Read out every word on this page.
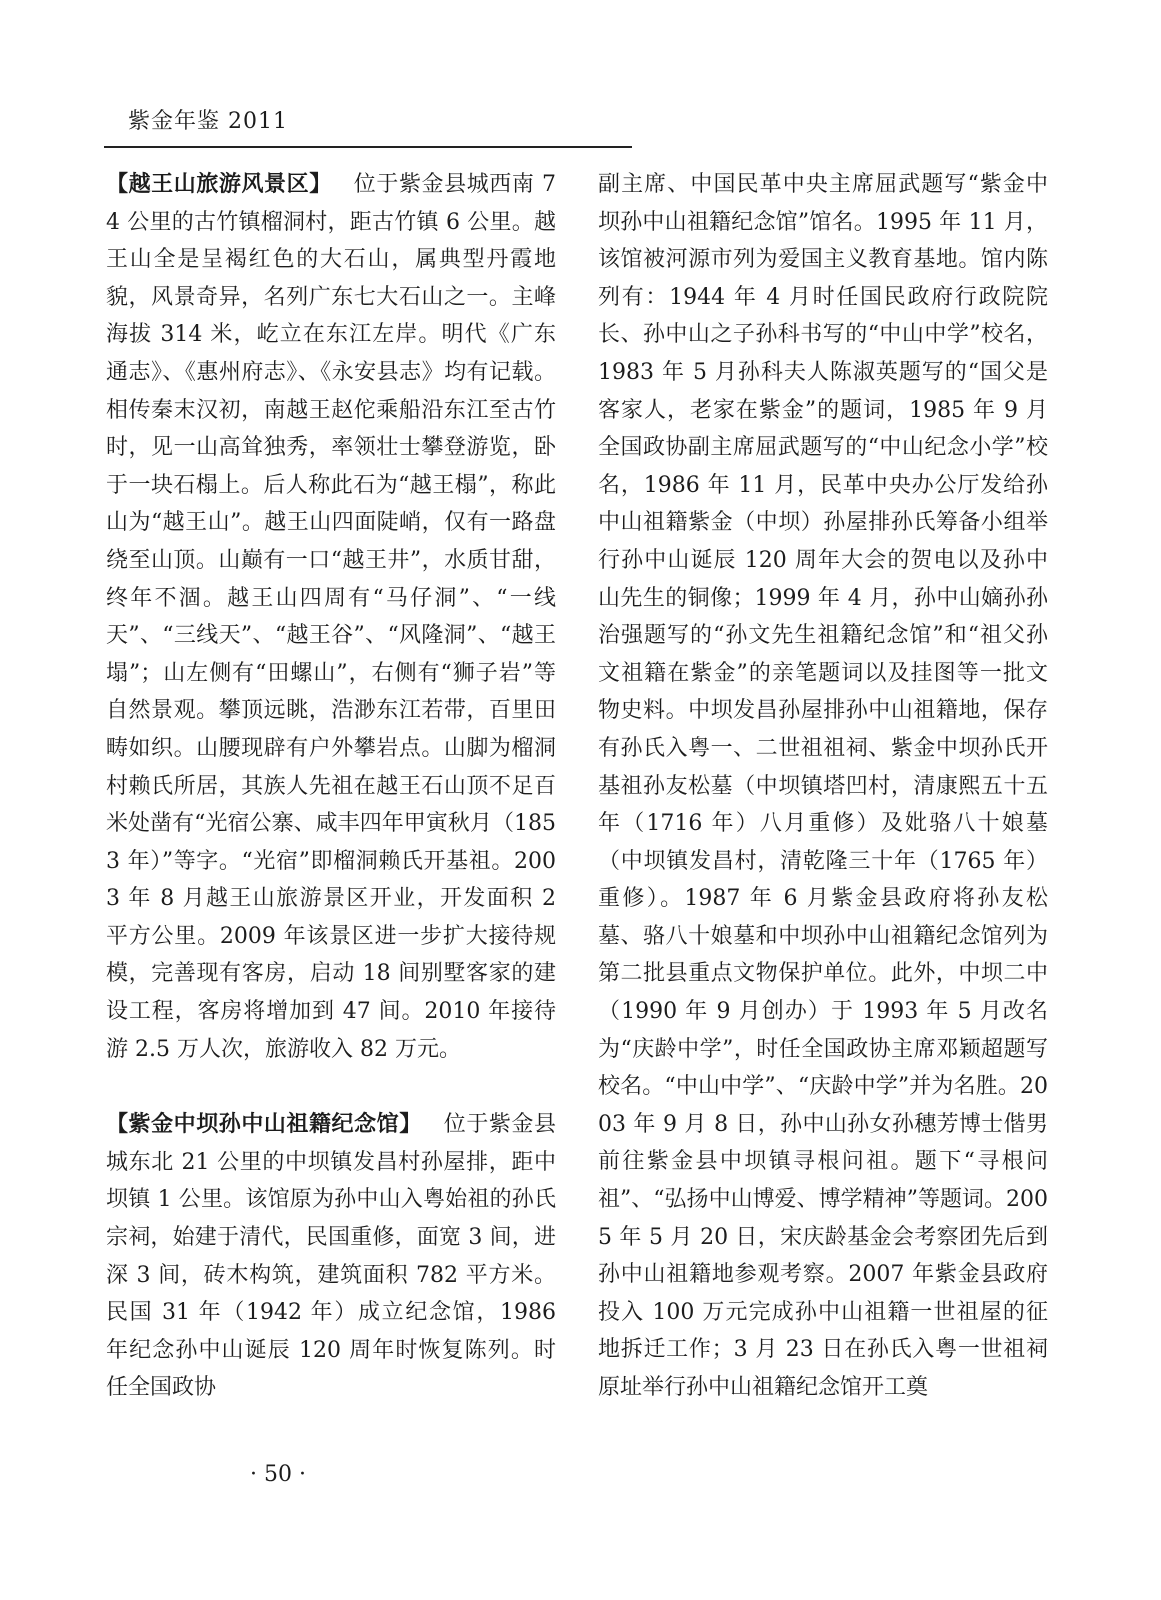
紫金年鉴 2011

【越王山旅游风景区】 位于紫金县城西南 74 公里的古竹镇榴洞村，距古竹镇 6 公里。越王山全是呈褐红色的大石山，属典型丹霞地貌，风景奇异，名列广东七大石山之一。主峰海拔 314 米，屹立在东江左岸。明代《广东通志》、《惠州府志》、《永安县志》均有记载。相传秦末汉初，南越王赵佗乘船沿东江至古竹时，见一山高耸独秀，率领壮士攀登游览，卧于一块石榻上。后人称此石为“越王榻”，称此山为“越王山”。越王山四面陡峭，仅有一路盘绕至山顶。山巅有一口“越王井”，水质甘甜，终年不涸。越王山四周有“马仔洞”、“一线天”、“三线天”、“越王谷”、“风隆洞”、“越王塌”；山左侧有“田螺山”，右侧有“狮子岩”等自然景观。攀顶远眺，浩渺东江若带，百里田畴如织。山腰现辟有户外攀岩点。山脚为榴洞村赖氏所居，其族人先祖在越王石山顶不足百米处凿有“光宿公寨、咸丰四年甲寅秋月（1853 年）”等字。“光宿”即榴洞赖氏开基祖。2003 年 8 月越王山旅游景区开业，开发面积 2 平方公里。2009 年该景区进一步扩大接待规模，完善现有客房，启动 18 间别墅客家的建设工程，客房将增加到 47 间。2010 年接待游 2.5 万人次，旅游收入 82 万元。

【紫金中坝孙中山祖籍纪念馆】 位于紫金县城东北 21 公里的中坝镇发昌村孙屋排，距中坝镇 1 公里。该馆原为孙中山入粤始祖的孙氏宗祠，始建于清代，民国重修，面宽 3 间，进深 3 间，砖木构筑，建筑面积 782 平方米。民国 31 年（1942 年）成立纪念馆，1986 年纪念孙中山诞辰 120 周年时恢复陈列。时任全国政协

副主席、中国民革中央主席屈武题写“紫金中坝孙中山祖籍纪念馆”馆名。1995 年 11 月，该馆被河源市列为爱国主义教育基地。馆内陈列有：1944 年 4 月时任国民政府行政院院长、孙中山之子孙科书写的“中山中学”校名，1983 年 5 月孙科夫人陈淑英题写的“国父是客家人，老家在紫金”的题词，1985 年 9 月全国政协副主席屈武题写的“中山纪念小学”校名，1986 年 11 月，民革中央办公厅发给孙中山祖籍紫金（中坝）孙屋排孙氏筹备小组举行孙中山诞辰 120 周年大会的贺电以及孙中山先生的铜像；1999 年 4 月，孙中山嫡孙孙治强题写的“孙文先生祖籍纪念馆”和“祖父孙文祖籍在紫金”的亲笔题词以及挂图等一批文物史料。中坝发昌孙屋排孙中山祖籍地，保存有孙氏入粤一、二世祖祖祠、紫金中坝孙氏开基祖孙友松墓（中坝镇塔凹村，清康熙五十五年（1716 年）八月重修）及妣骆八十娘墓（中坝镇发昌村，清乾隆三十年（1765 年）重修）。1987 年 6 月紫金县政府将孙友松墓、骆八十娘墓和中坝孙中山祖籍纪念馆列为第二批县重点文物保护单位。此外，中坝二中（1990 年 9 月创办）于 1993 年 5 月改名为“庆龄中学”，时任全国政协主席邓颖超题写校名。“中山中学”、“庆龄中学”并为名胜。2003 年 9 月 8 日，孙中山孙女孙穗芳博士偕男前往紫金县中坝镇寻根问祖。题下“寻根问祖”、“弘扬中山博爱、博学精神”等题词。2005 年 5 月 20 日，宋庆龄基金会考察团先后到孙中山祖籍地参观考察。2007 年紫金县政府投入 100 万元完成孙中山祖籍一世祖屋的征地拆迁工作；3 月 23 日在孙氏入粤一世祖祠原址举行孙中山祖籍纪念馆开工奠

· 50 ·
